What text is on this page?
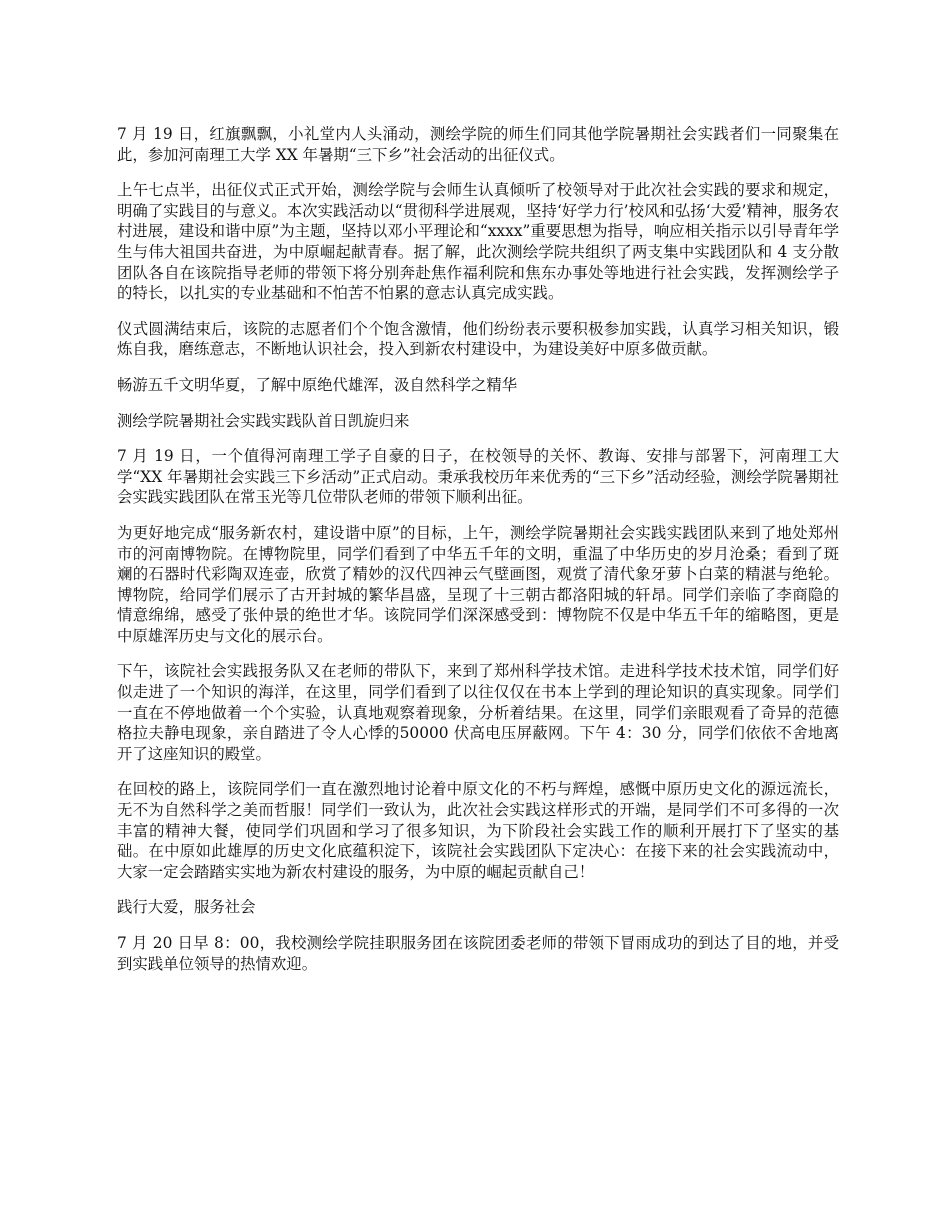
7 月 19 日，红旗飘飘，小礼堂内人头涌动，测绘学院的师生们同其他学院暑期社会实践者们一同聚集在此，参加河南理工大学 XX 年暑期“三下乡”社会活动的出征仪式。

上午七点半，出征仪式正式开始，测绘学院与会师生认真倾听了校领导对于此次社会实践的要求和规定，明确了实践目的与意义。本次实践活动以“贯彻科学进展观，坚持‘好学力行’校风和弘扬‘大爱’精神，服务农村进展，建设和谐中原”为主题，坚持以邓小平理论和“xxxx”重要思想为指导，响应相关指示以引导青年学生与伟大祖国共奋进，为中原崛起献青春。据了解，此次测绘学院共组织了两支集中实践团队和 4 支分散团队各自在该院指导老师的带领下将分别奔赴焦作福利院和焦东办事处等地进行社会实践，发挥测绘学子的特长，以扎实的专业基础和不怕苦不怕累的意志认真完成实践。

仪式圆满结束后，该院的志愿者们个个饱含激情，他们纷纷表示要积极参加实践，认真学习相关知识，锻炼自我，磨练意志，不断地认识社会，投入到新农村建设中，为建设美好中原多做贡献。

畅游五千文明华夏，了解中原绝代雄浑，汲自然科学之精华

测绘学院暑期社会实践实践队首日凯旋归来

7 月 19 日，一个值得河南理工学子自豪的日子，在校领导的关怀、教诲、安排与部署下，河南理工大学“XX 年暑期社会实践三下乡活动”正式启动。秉承我校历年来优秀的“三下乡”活动经验，测绘学院暑期社会实践实践团队在常玉光等几位带队老师的带领下顺利出征。

为更好地完成“服务新农村，建设谐中原”的目标，上午，测绘学院暑期社会实践实践团队来到了地处郑州市的河南博物院。在博物院里，同学们看到了中华五千年的文明，重温了中华历史的岁月沧桑；看到了斑斓的石器时代彩陶双连壶，欣赏了精妙的汉代四神云气壁画图，观赏了清代象牙萝卜白菜的精湛与绝轮。博物院，给同学们展示了古开封城的繁华昌盛，呈现了十三朝古都洛阳城的轩昂。同学们亲临了李商隐的情意绵绵，感受了张仲景的绝世才华。该院同学们深深感受到：博物院不仅是中华五千年的缩略图，更是中原雄浑历史与文化的展示台。

下午，该院社会实践报务队又在老师的带队下，来到了郑州科学技术馆。走进科学技术技术馆，同学们好似走进了一个知识的海洋，在这里，同学们看到了以往仅仅在书本上学到的理论知识的真实现象。同学们一直在不停地做着一个个实验，认真地观察着现象，分析着结果。在这里，同学们亲眼观看了奇异的范德格拉夫静电现象，亲自踏进了令人心悸的50000 伏高电压屏蔽网。下午 4：30 分，同学们依依不舍地离开了这座知识的殿堂。

在回校的路上，该院同学们一直在激烈地讨论着中原文化的不朽与辉煌，感慨中原历史文化的源远流长，无不为自然科学之美而哲服！同学们一致认为，此次社会实践这样形式的开端，是同学们不可多得的一次丰富的精神大餐，使同学们巩固和学习了很多知识，为下阶段社会实践工作的顺利开展打下了坚实的基础。在中原如此雄厚的历史文化底蕴积淀下，该院社会实践团队下定决心：在接下来的社会实践流动中，大家一定会踏踏实实地为新农村建设的服务，为中原的崛起贡献自己！

践行大爱，服务社会

7 月 20 日早 8：00，我校测绘学院挂职服务团在该院团委老师的带领下冒雨成功的到达了目的地，并受到实践单位领导的热情欢迎。
